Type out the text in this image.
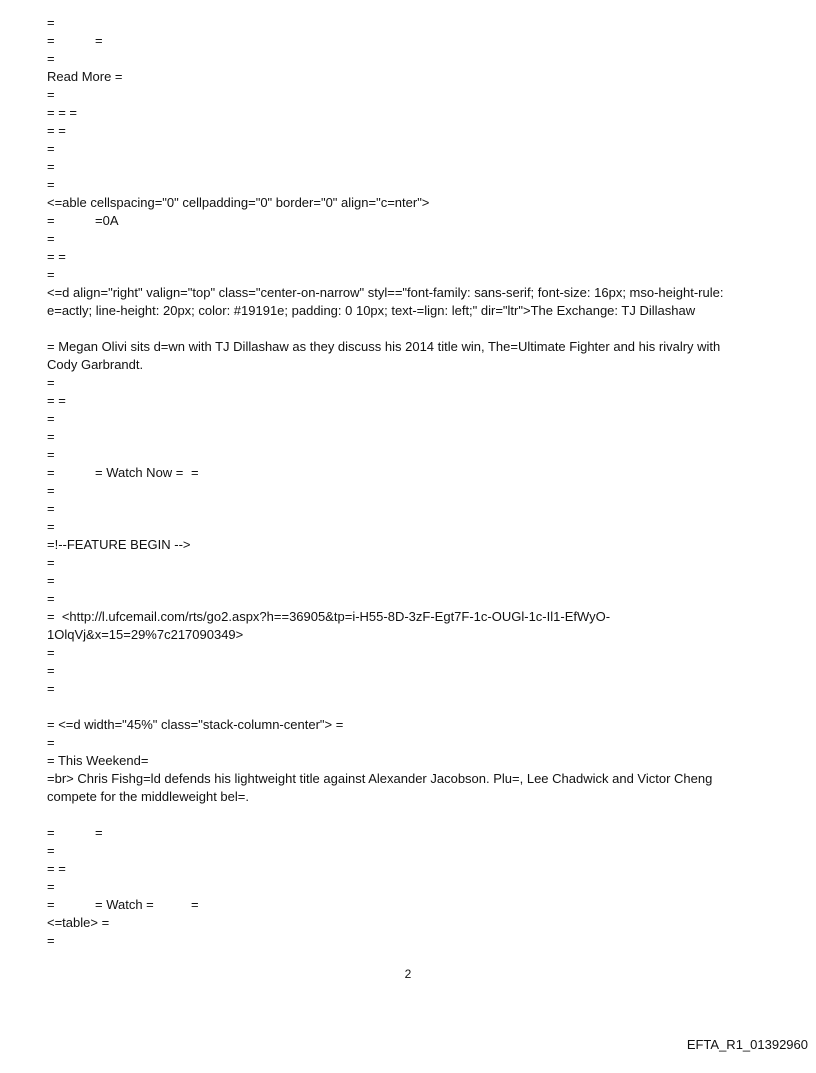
=
=	=
=
Read More =
=
= = =
= =
=
=
=
<=able cellspacing="0" cellpadding="0" border="0" align="c=nter">
=	=0A
=
= =
=
<=d align="right" valign="top" class="center-on-narrow" styl=="font-family: sans-serif; font-size: 16px; mso-height-rule:
e=actly; line-height: 20px; color: #19191e; padding: 0 10px; text-=lign: left;" dir="ltr">The Exchange: TJ Dillashaw
= Megan Olivi sits d=wn with TJ Dillashaw as they discuss his 2014 title win, The=Ultimate Fighter and his rivalry with
Cody Garbrandt.
=
= =
=
=
=
=	= Watch Now =	=
=
=
=
=!--FEATURE BEGIN -->
=
=
=
=  <http://l.ufcemail.com/rts/go2.aspx?h==36905&tp=i-H55-8D-3zF-Egt7F-1c-OUGl-1c-Il1-EfWyO-
1OlqVj&x=15=29%7c217090349>
=
=
=
= <=d width="45%" class="stack-column-center"> =
=
= This Weekend=
=br> Chris Fishg=ld defends his lightweight title against Alexander Jacobson. Plu=, Lee Chadwick and Victor Cheng
compete for the middleweight bel=.
=	=
=
= =
=
=	= Watch =	=
<=table> =
=
2
EFTA_R1_01392960
